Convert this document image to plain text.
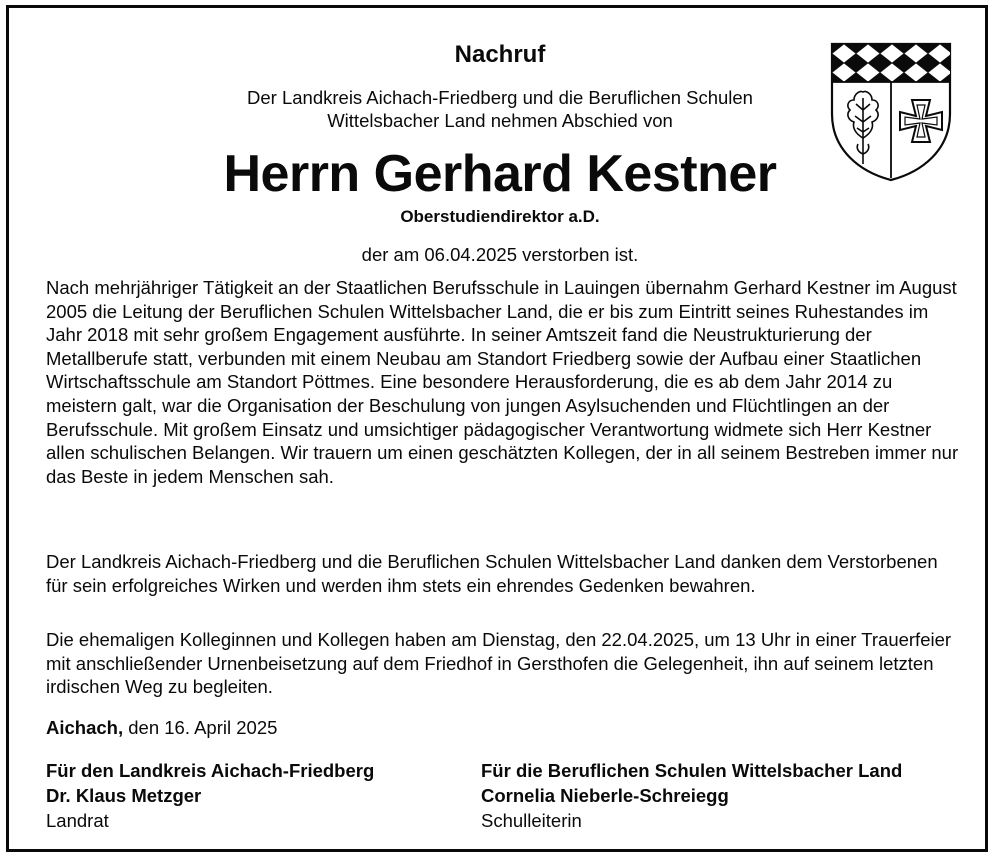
Nachruf
Der Landkreis Aichach-Friedberg und die Beruflichen Schulen
Wittelsbacher Land nehmen Abschied von
Herrn Gerhard Kestner
Oberstudiendirektor a.D.
der am 06.04.2025 verstorben ist.
Nach mehrjähriger Tätigkeit an der Staatlichen Berufsschule in Lauingen übernahm Gerhard Kestner im August 2005 die Leitung der Beruflichen Schulen Wittelsbacher Land, die er bis zum Eintritt seines Ruhestandes im Jahr 2018 mit sehr großem Engagement ausführte. In seiner Amtszeit fand die Neustrukturierung der Metallberufe statt, verbunden mit einem Neubau am Standort Friedberg sowie der Aufbau einer Staatlichen Wirtschaftsschule am Standort Pöttmes. Eine besondere Herausforderung, die es ab dem Jahr 2014 zu meistern galt, war die Organisation der Beschulung von jungen Asylsuchenden und Flüchtlingen an der Berufsschule. Mit großem Einsatz und umsichtiger pädagogischer Verantwortung widmete sich Herr Kestner allen schulischen Belangen. Wir trauern um einen geschätzten Kollegen, der in all seinem Bestreben immer nur das Beste in jedem Menschen sah.
Der Landkreis Aichach-Friedberg und die Beruflichen Schulen Wittelsbacher Land danken dem Verstorbenen für sein erfolgreiches Wirken und werden ihm stets ein ehrendes Gedenken bewahren.
Die ehemaligen Kolleginnen und Kollegen haben am Dienstag, den 22.04.2025, um 13 Uhr in einer Trauerfeier mit anschließender Urnenbeisetzung auf dem Friedhof in Gersthofen die Gelegenheit, ihn auf seinem letzten irdischen Weg zu begleiten.
Aichach, den 16. April 2025
Für den Landkreis Aichach-Friedberg
Dr. Klaus Metzger
Landrat
Für die Beruflichen Schulen Wittelsbacher Land
Cornelia Nieberle-Schreiegg
Schulleiterin
